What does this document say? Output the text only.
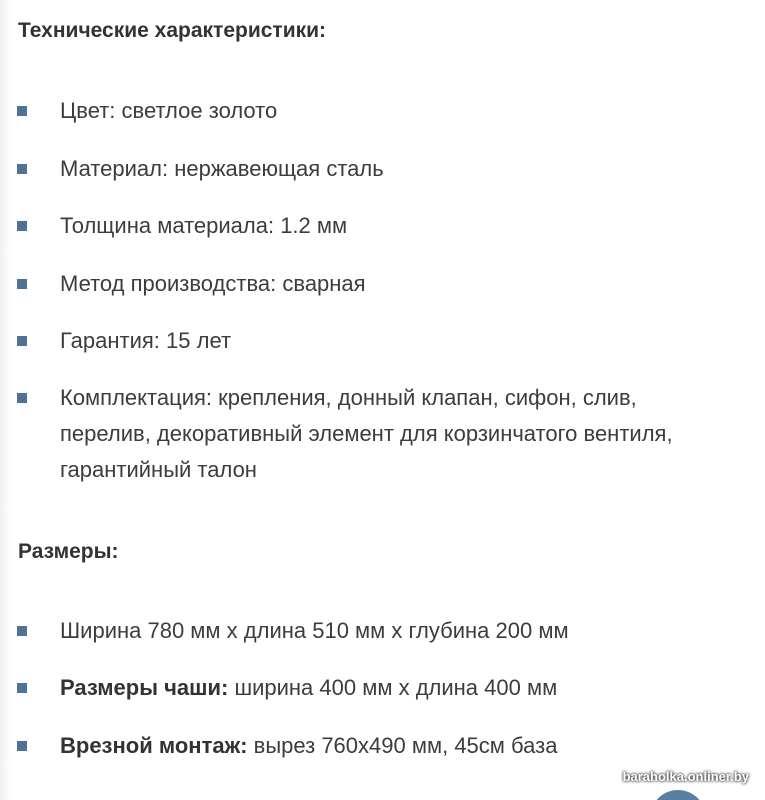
Технические характеристики:
Цвет: светлое золото
Материал: нержавеющая сталь
Толщина материала: 1.2 мм
Метод производства: сварная
Гарантия: 15 лет
Комплектация: крепления, донный клапан, сифон, слив, перелив, декоративный элемент для корзинчатого вентиля, гарантийный талон
Размеры:
Ширина 780 мм х длина 510 мм х глубина 200 мм
Размеры чаши: ширина 400 мм х длина 400 мм
Врезной монтаж: вырез 760х490 мм, 45см база
baraholka.onliner.by
